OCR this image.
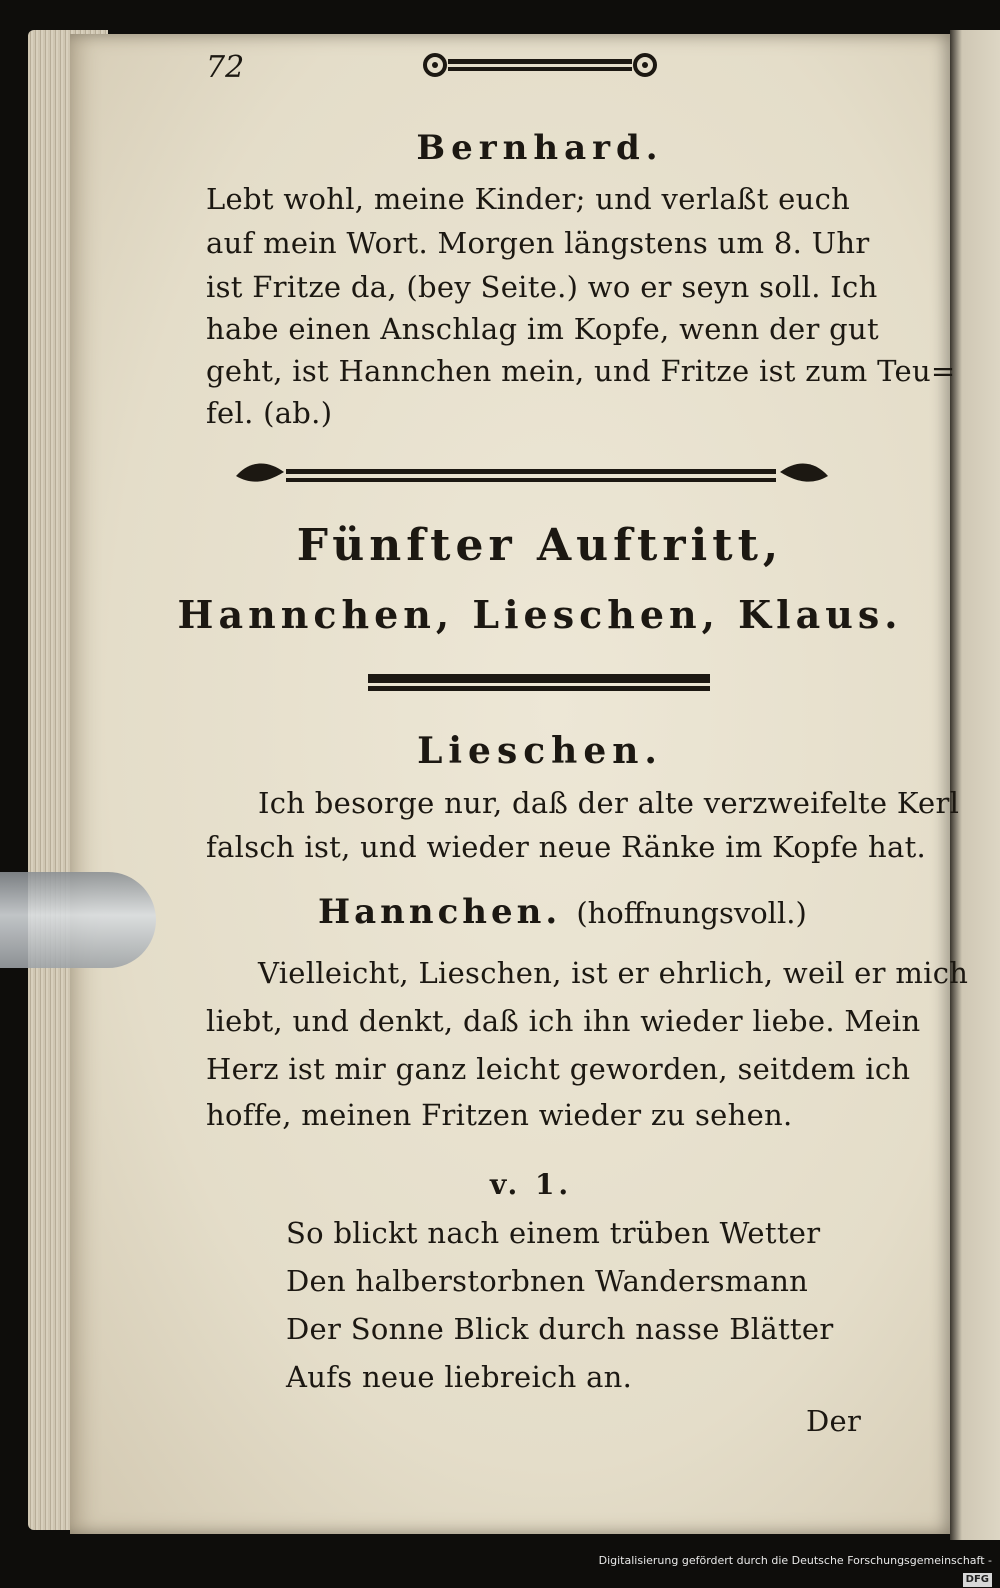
72
Bernhard.
Lebt wohl, meine Kinder; und verlaßt euch
auf mein Wort. Morgen längstens um 8. Uhr
ist Fritze da, (bey Seite.) wo er seyn soll. Ich
habe einen Anschlag im Kopfe, wenn der gut
geht, ist Hannchen mein, und Fritze ist zum Teu=
fel. (ab.)
Fünfter Auftritt,
Hannchen, Lieschen, Klaus.
Lieschen.
Ich besorge nur, daß der alte verzweifelte Kerl
falsch ist, und wieder neue Ränke im Kopfe hat.
Hannchen. (hoffnungsvoll.)
Vielleicht, Lieschen, ist er ehrlich, weil er mich
liebt, und denkt, daß ich ihn wieder liebe. Mein
Herz ist mir ganz leicht geworden, seitdem ich
hoffe, meinen Fritzen wieder zu sehen.
v. 1.
So blickt nach einem trüben Wetter
Den halberstorbnen Wandersmann
Der Sonne Blick durch nasse Blätter
Aufs neue liebreich an.
Der
Digitalisierung gefördert durch die Deutsche Forschungsgemeinschaft -DFG
